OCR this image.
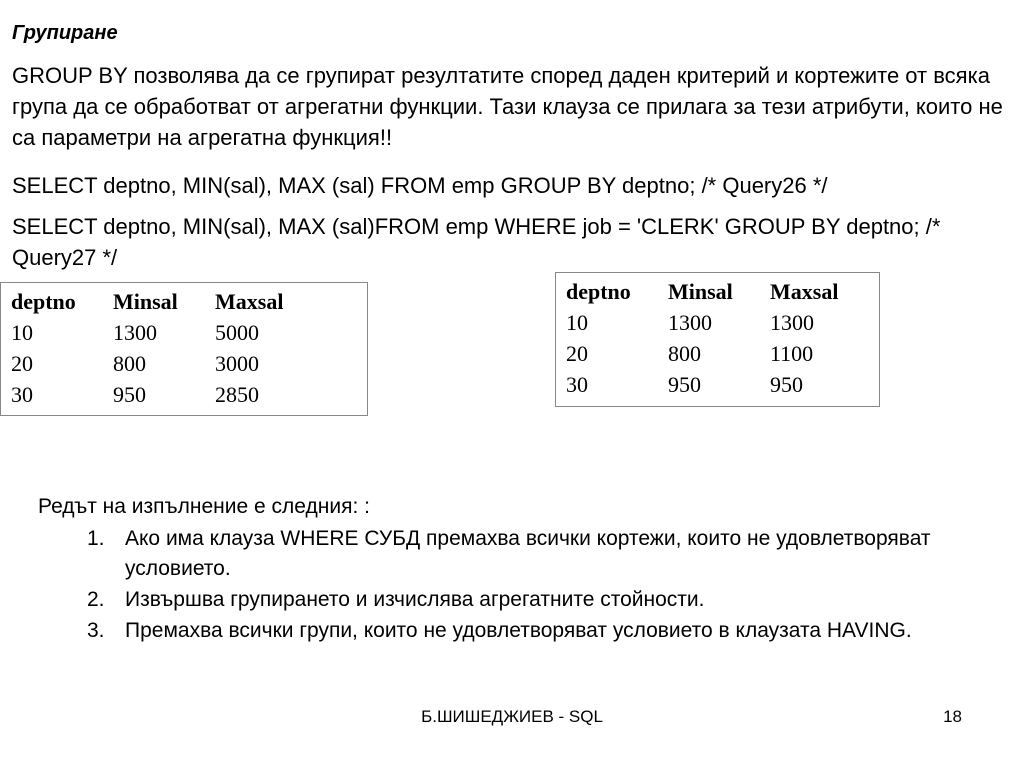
Групиране

GROUP BY позволява да се групират резултатите според даден критерий и кортежите от всяка група да се обработват от агрегатни функции. Тази клауза се прилага за тези атрибути, които не са параметри на агрегатна функция!!

SELECT deptno, MIN(sal), MAX (sal) FROM emp GROUP BY deptno; /* Query26 */

SELECT deptno, MIN(sal), MAX (sal)FROM emp WHERE job = 'CLERK' GROUP BY deptno; /* Query27 */

deptno	Minsal	Maxsal
10	1300	5000
20	800	3000
30	950	2850
deptno	Minsal	Maxsal
10	1300	1300
20	800	1100
30	950	950
Редът на изпълнение е следния: :
1. Ако има клауза WHERE СУБД премахва всички кортежи, които не удовлетворяват условието.
2. Извършва групирането и изчислява агрегатните стойности.
3. Премахва всички групи, които не удовлетворяват условието в клаузата HAVING.
Б.ШИШЕДЖИЕВ - SQL	18
